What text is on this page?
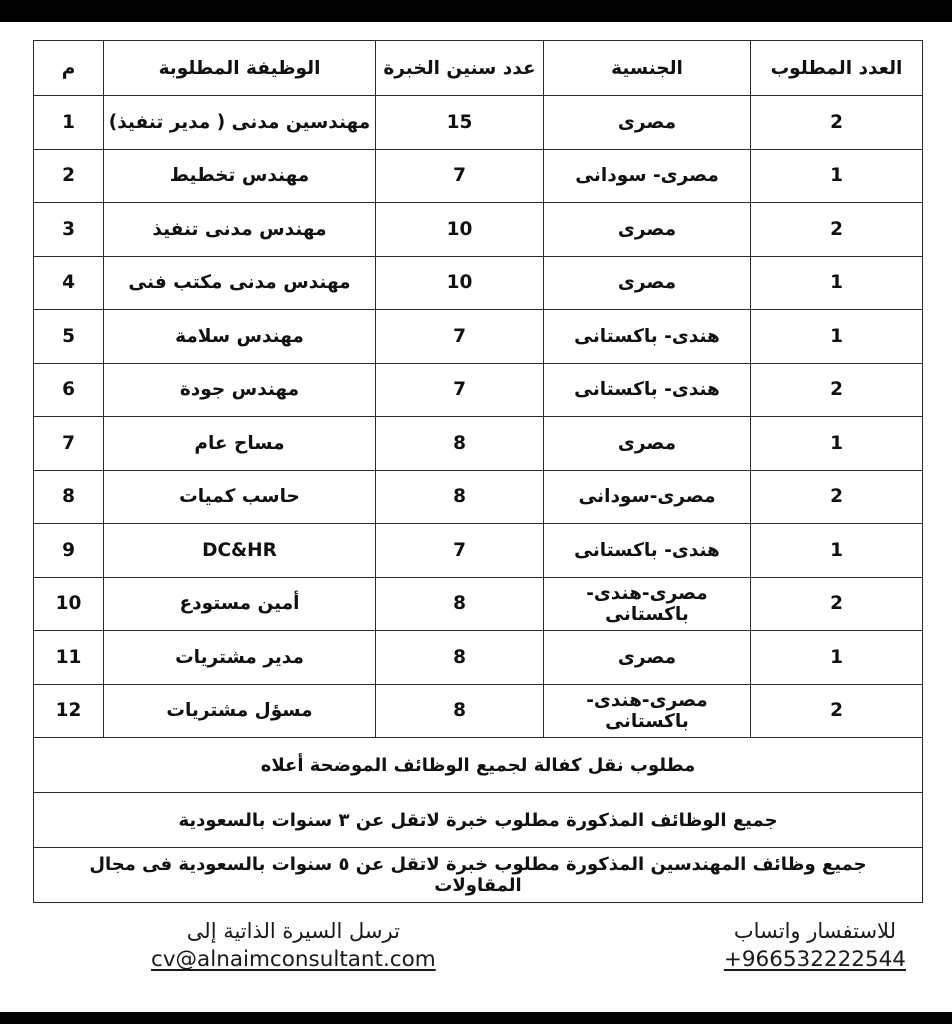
العدد المطلوب	الجنسية	عدد سنين الخبرة	الوظيفة المطلوبة	م
2	مصرى	15	مهندسين مدنى ( مدير تنفيذ)	1
1	مصرى- سودانى	7	مهندس تخطيط	2
2	مصرى	10	مهندس مدنى تنفيذ	3
1	مصرى	10	مهندس مدنى مكتب فنى	4
1	هندى- باكستانى	7	مهندس سلامة	5
2	هندى- باكستانى	7	مهندس جودة	6
1	مصرى	8	مساح عام	7
2	مصرى-سودانى	8	حاسب كميات	8
1	هندى- باكستانى	7	DC&HR	9
2	مصرى-هندى- باكستانى	8	أمين مستودع	10
1	مصرى	8	مدير مشتريات	11
2	مصرى-هندى- باكستانى	8	مسؤل مشتريات	12
مطلوب نقل كفالة لجميع الوظائف الموضحة أعلاه				
جميع الوظائف المذكورة مطلوب خبرة لاتقل عن ٣ سنوات بالسعودية				
جميع وظائف المهندسين المذكورة مطلوب خبرة لاتقل عن ٥ سنوات بالسعودية فى مجال المقاولات				
للاستفسار واتساب
+966532222544
ترسل السيرة الذاتية إلى
cv@alnaimconsultant.com
